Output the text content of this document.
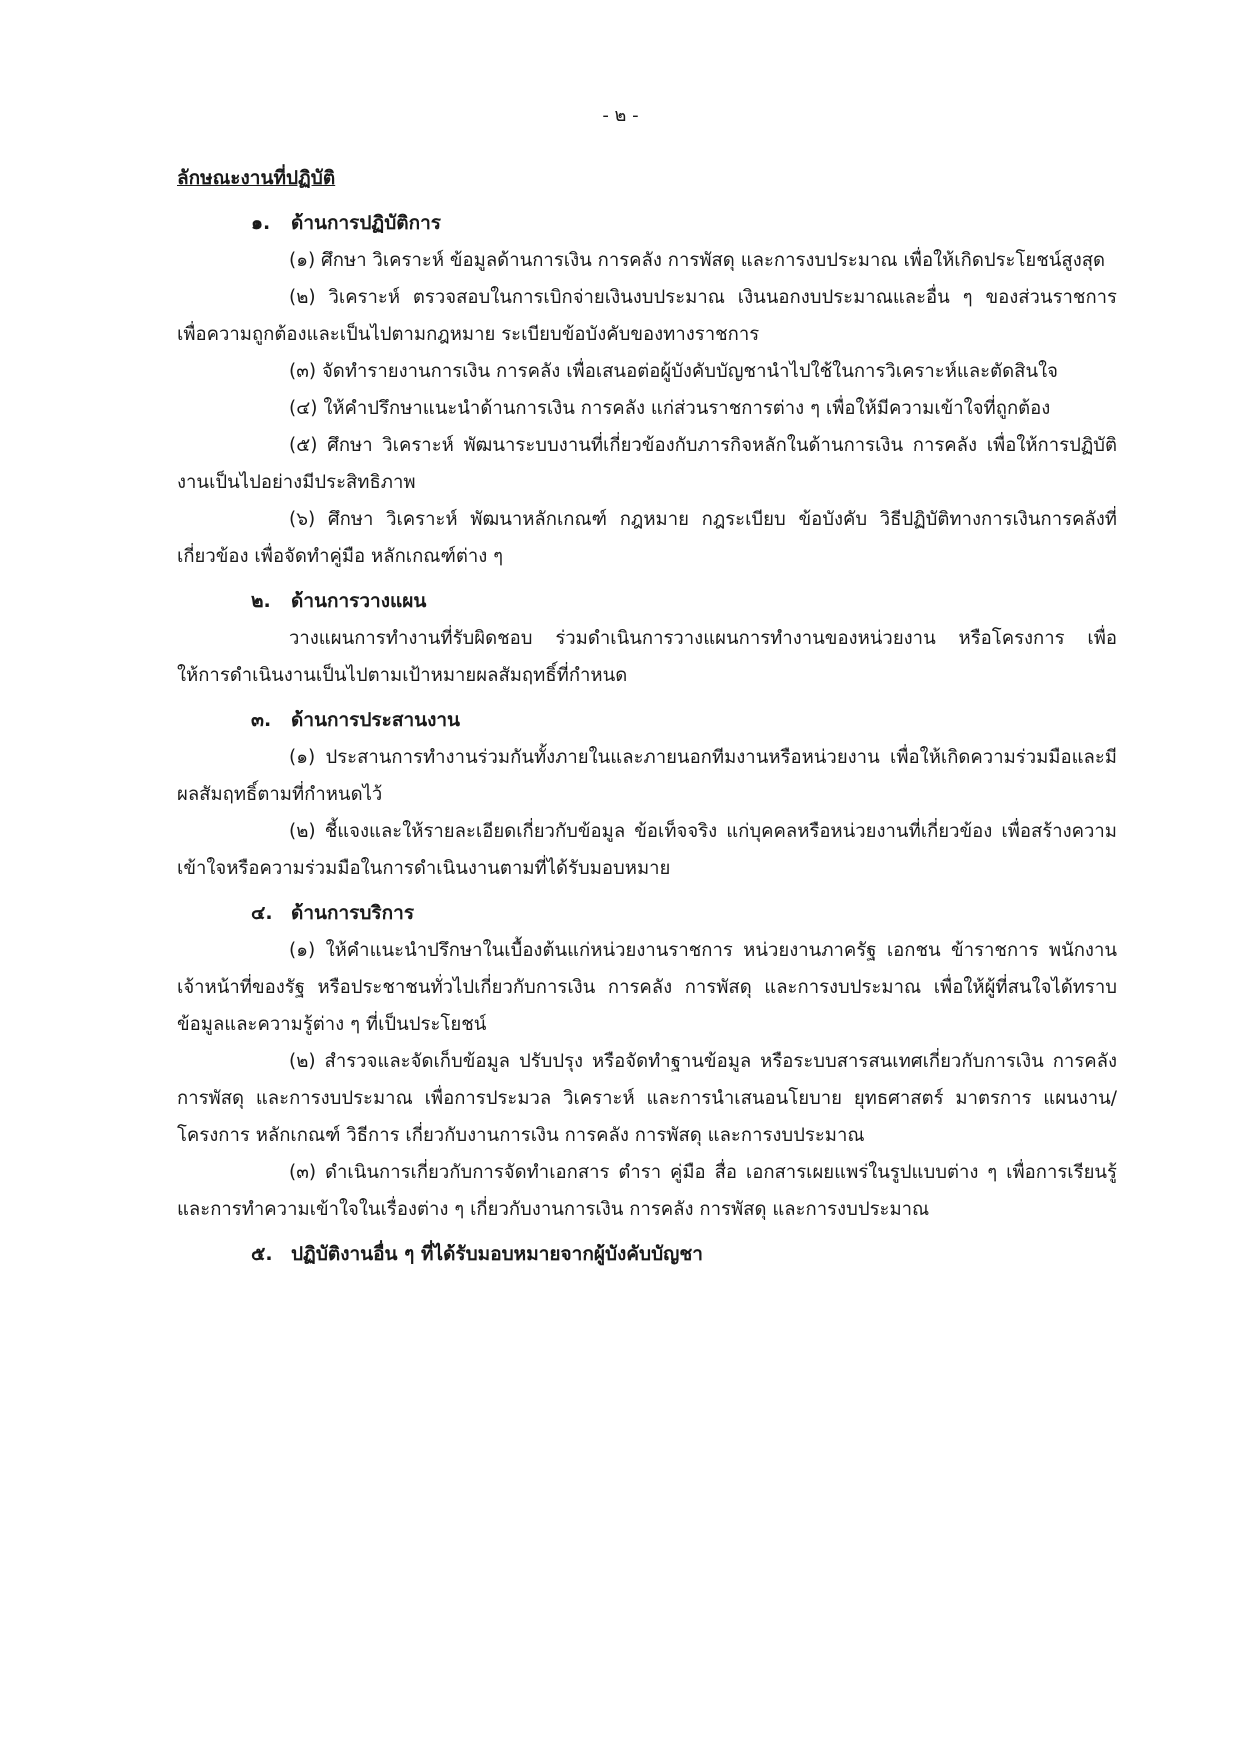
- ๒ -
ลักษณะงานที่ปฏิบัติ
๑. ด้านการปฏิบัติการ

(๑) ศึกษา วิเคราะห์ ข้อมูลด้านการเงิน การคลัง การพัสดุ และการงบประมาณ เพื่อให้เกิดประโยชน์สูงสุด

(๒) วิเคราะห์ ตรวจสอบในการเบิกจ่ายเงินงบประมาณ เงินนอกงบประมาณและอื่น ๆ ของส่วนราชการ เพื่อความถูกต้องและเป็นไปตามกฎหมาย ระเบียบข้อบังคับของทางราชการ

(๓) จัดทำรายงานการเงิน การคลัง เพื่อเสนอต่อผู้บังคับบัญชานำไปใช้ในการวิเคราะห์และตัดสินใจ

(๔) ให้คำปรึกษาแนะนำด้านการเงิน การคลัง แก่ส่วนราชการต่าง ๆ เพื่อให้มีความเข้าใจที่ถูกต้อง

(๕) ศึกษา วิเคราะห์ พัฒนาระบบงานที่เกี่ยวข้องกับภารกิจหลักในด้านการเงิน การคลัง เพื่อให้การปฏิบัติงานเป็นไปอย่างมีประสิทธิภาพ

(๖) ศึกษา วิเคราะห์ พัฒนาหลักเกณฑ์ กฎหมาย กฎระเบียบ ข้อบังคับ วิธีปฏิบัติทางการเงินการคลังที่เกี่ยวข้อง เพื่อจัดทำคู่มือ หลักเกณฑ์ต่าง ๆ

๒. ด้านการวางแผน

วางแผนการทำงานที่รับผิดชอบ ร่วมดำเนินการวางแผนการทำงานของหน่วยงาน หรือโครงการ เพื่อให้การดำเนินงานเป็นไปตามเป้าหมายผลสัมฤทธิ์ที่กำหนด

๓. ด้านการประสานงาน

(๑) ประสานการทำงานร่วมกันทั้งภายในและภายนอกทีมงานหรือหน่วยงาน เพื่อให้เกิดความร่วมมือและมีผลสัมฤทธิ์ตามที่กำหนดไว้

(๒) ชี้แจงและให้รายละเอียดเกี่ยวกับข้อมูล ข้อเท็จจริง แก่บุคคลหรือหน่วยงานที่เกี่ยวข้อง เพื่อสร้างความเข้าใจหรือความร่วมมือในการดำเนินงานตามที่ได้รับมอบหมาย

๔. ด้านการบริการ

(๑) ให้คำแนะนำปรึกษาในเบื้องต้นแก่หน่วยงานราชการ หน่วยงานภาครัฐ เอกชน ข้าราชการ พนักงาน เจ้าหน้าที่ของรัฐ หรือประชาชนทั่วไปเกี่ยวกับการเงิน การคลัง การพัสดุ และการงบประมาณ เพื่อให้ผู้ที่สนใจได้ทราบข้อมูลและความรู้ต่าง ๆ ที่เป็นประโยชน์

(๒) สำรวจและจัดเก็บข้อมูล ปรับปรุง หรือจัดทำฐานข้อมูล หรือระบบสารสนเทศเกี่ยวกับการเงิน การคลัง การพัสดุ และการงบประมาณ เพื่อการประมวล วิเคราะห์ และการนำเสนอนโยบาย ยุทธศาสตร์ มาตรการ แผนงาน/โครงการ หลักเกณฑ์ วิธีการ เกี่ยวกับงานการเงิน การคลัง การพัสดุ และการงบประมาณ

(๓) ดำเนินการเกี่ยวกับการจัดทำเอกสาร ตำรา คู่มือ สื่อ เอกสารเผยแพร่ในรูปแบบต่าง ๆ เพื่อการเรียนรู้ และการทำความเข้าใจในเรื่องต่าง ๆ เกี่ยวกับงานการเงิน การคลัง การพัสดุ และการงบประมาณ

๕. ปฏิบัติงานอื่น ๆ ที่ได้รับมอบหมายจากผู้บังคับบัญชา
